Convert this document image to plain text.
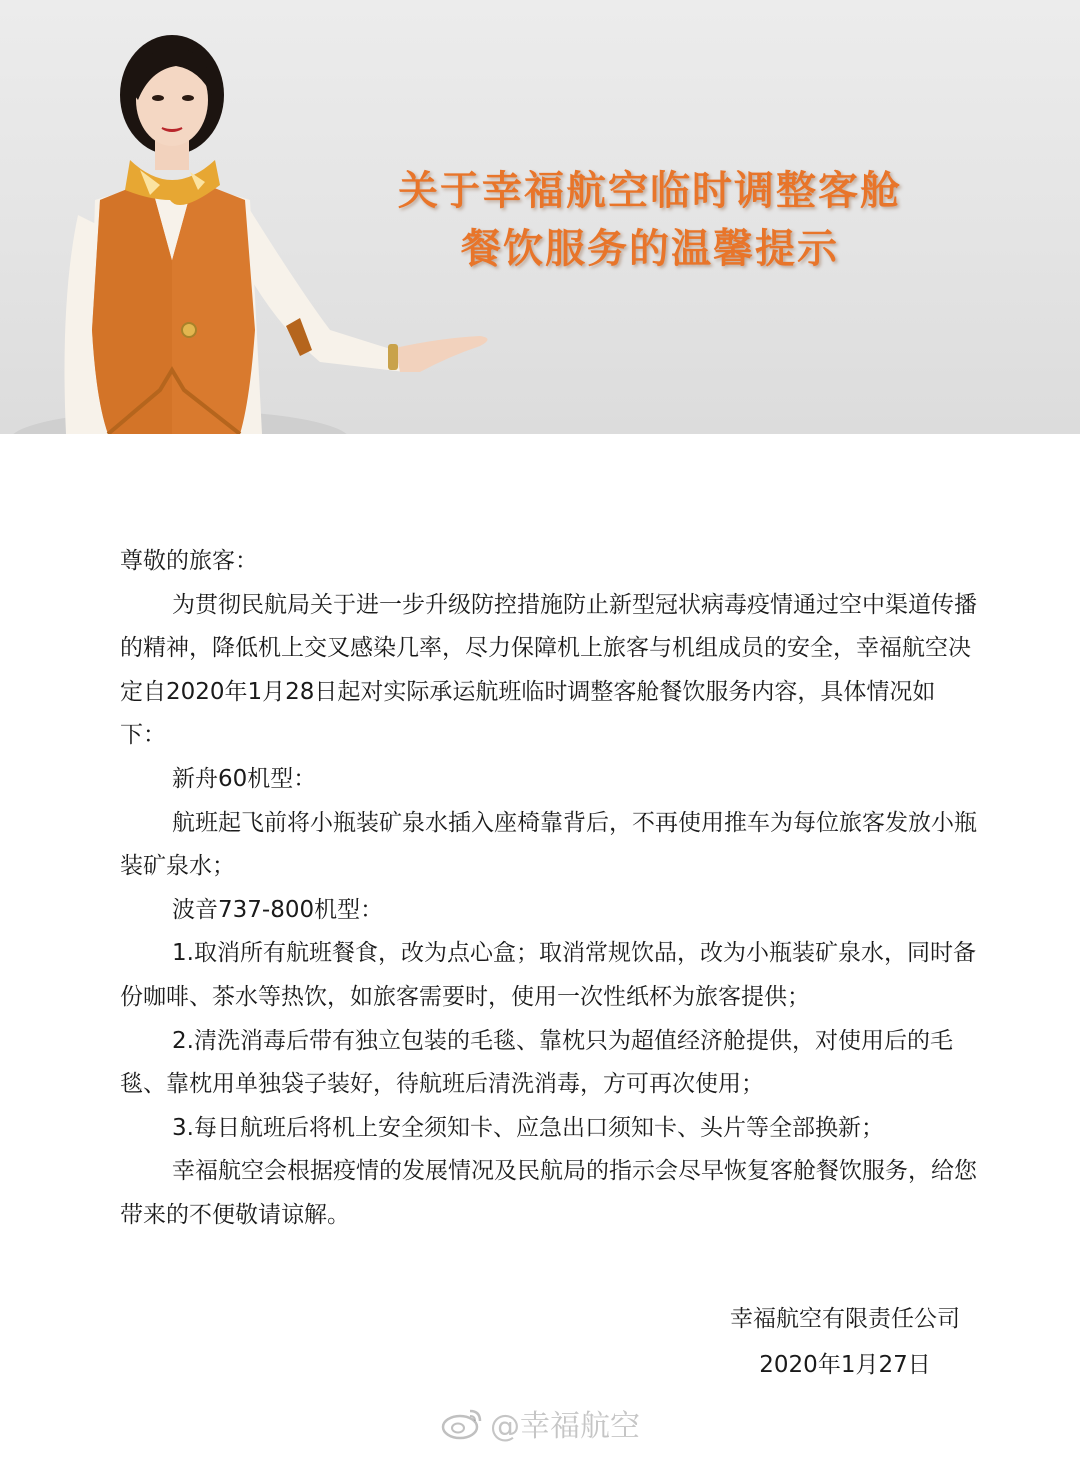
关于幸福航空临时调整客舱
餐饮服务的温馨提示

尊敬的旅客：

为贯彻民航局关于进一步升级防控措施防止新型冠状病毒疫情通过空中渠道传播的精神，降低机上交叉感染几率，尽力保障机上旅客与机组成员的安全，幸福航空决定自2020年1月28日起对实际承运航班临时调整客舱餐饮服务内容，具体情况如下：

新舟60机型：

航班起飞前将小瓶装矿泉水插入座椅靠背后，不再使用推车为每位旅客发放小瓶装矿泉水；

波音737-800机型：

1.取消所有航班餐食，改为点心盒；取消常规饮品，改为小瓶装矿泉水，同时备份咖啡、茶水等热饮，如旅客需要时，使用一次性纸杯为旅客提供；

2.清洗消毒后带有独立包装的毛毯、靠枕只为超值经济舱提供，对使用后的毛毯、靠枕用单独袋子装好，待航班后清洗消毒，方可再次使用；

3.每日航班后将机上安全须知卡、应急出口须知卡、头片等全部换新；

幸福航空会根据疫情的发展情况及民航局的指示会尽早恢复客舱餐饮服务，给您带来的不便敬请谅解。

幸福航空有限责任公司
2020年1月27日
@幸福航空
